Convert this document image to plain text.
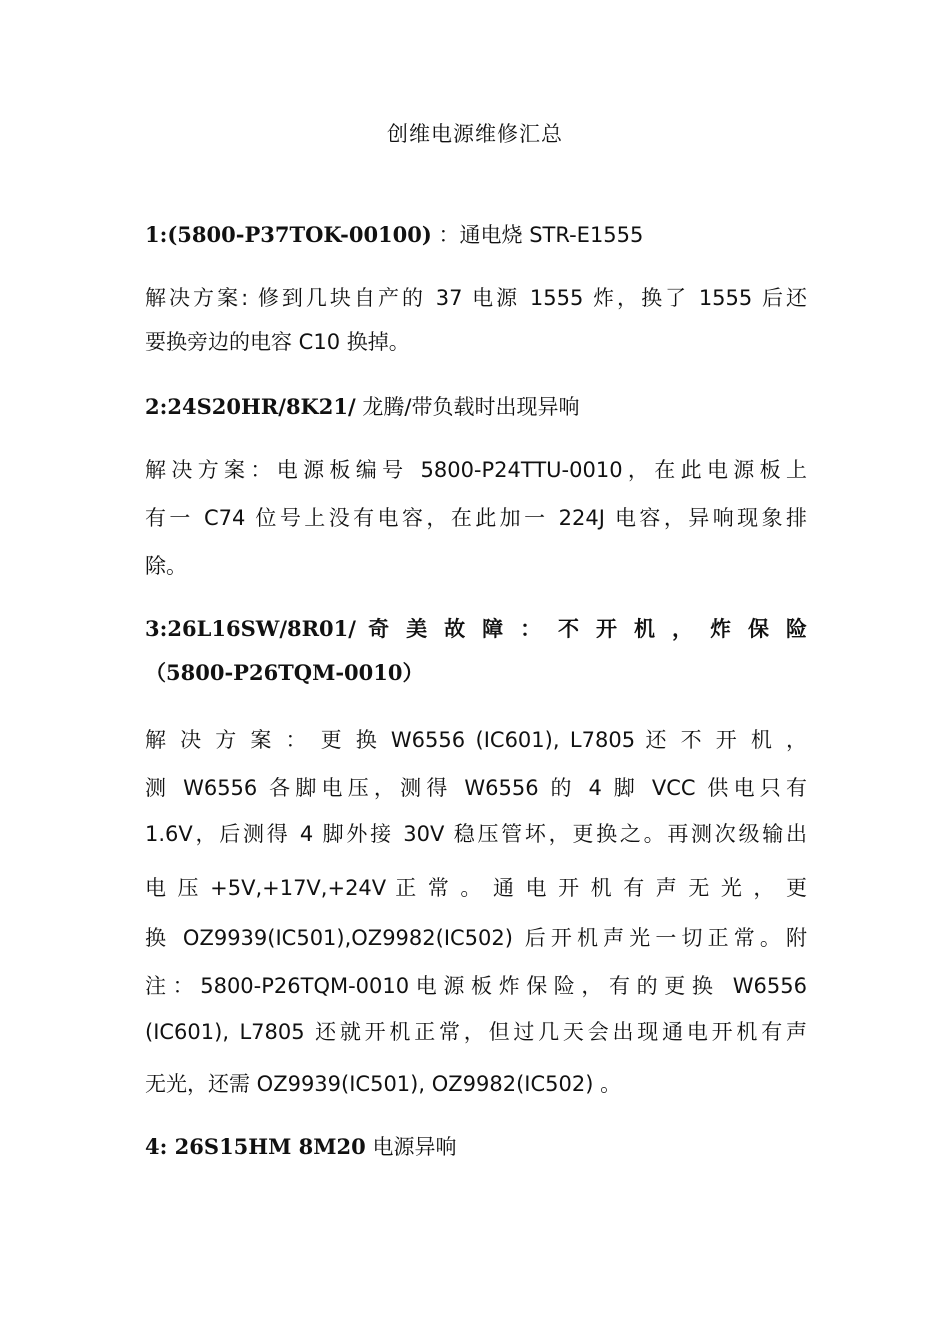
创维电源维修汇总
1:(5800-P37TOK-00100) ：通电烧 STR-E1555
解决方案: 修到几块自产的 37 电源 1555 炸，换了 1555 后还
要换旁边的电容 C10 换掉。
2:24S20HR/8K21/ 龙腾/带负载时出现异响
解决方案：电源板编号 5800-P24TTU-0010，在此电源板上
有一 C74 位号上没有电容，在此加一 224J 电容，异响现象排
除。
3:26L16SW/8R01/ 奇 美 故 障 ： 不 开 机 ， 炸 保 险
（5800-P26TQM-0010）
解 决 方 案 ： 更 换 W6556 (IC601), L7805 还 不 开 机 ，
测 W6556 各脚电压，测得 W6556 的 4 脚 VCC 供电只有
1.6V，后测得 4 脚外接 30V 稳压管坏，更换之。再测次级输出
电 压 +5V,+17V,+24V 正 常 。 通 电 开 机 有 声 无 光 ， 更
换 OZ9939(IC501),OZ9982(IC502) 后开机声光一切正常。附
注：5800-P26TQM-0010电源板炸保险，有的更换 W6556
(IC601), L7805 还就开机正常，但过几天会出现通电开机有声
无光，还需 OZ9939(IC501), OZ9982(IC502) 。
4: 26S15HM 8M20 电源异响
